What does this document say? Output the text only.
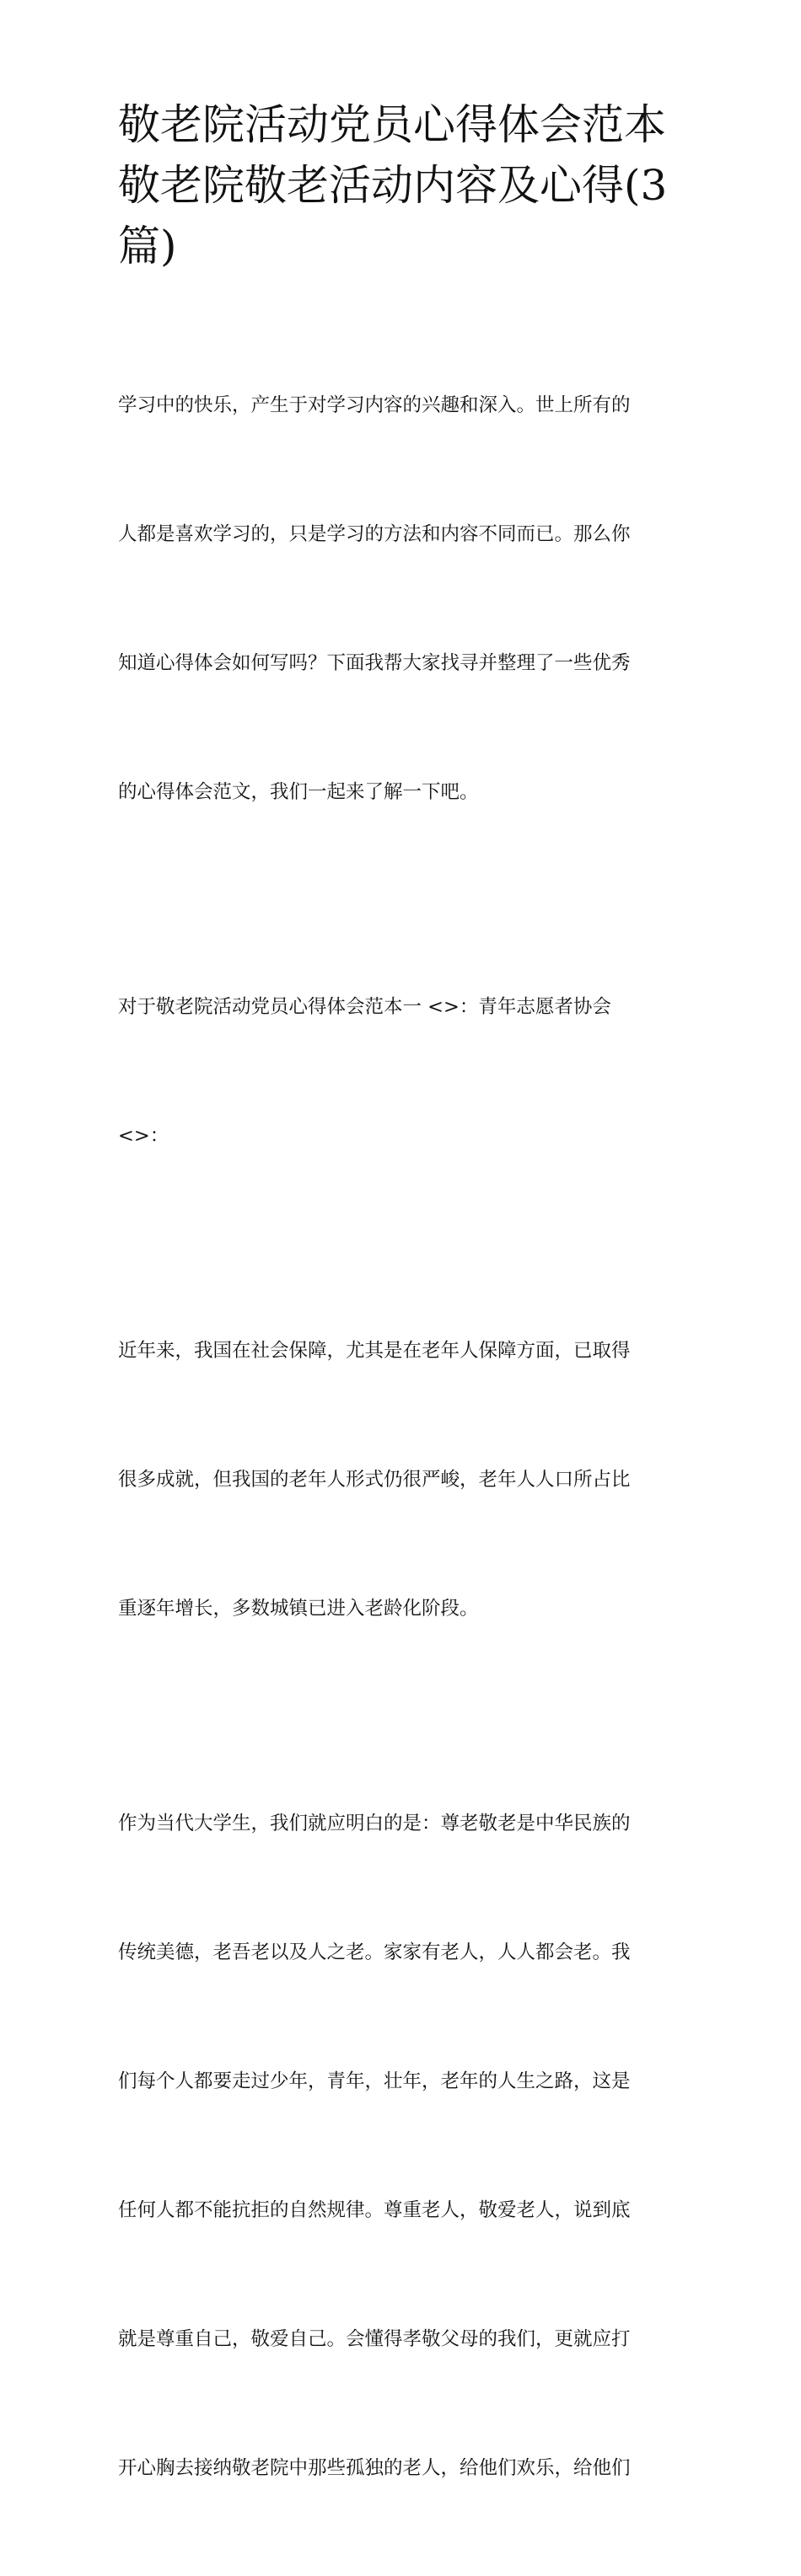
敬老院活动党员心得体会范本
敬老院敬老活动内容及心得(3
篇)

学习中的快乐，产生于对学习内容的兴趣和深入。世上所有的

人都是喜欢学习的，只是学习的方法和内容不同而已。那么你

知道心得体会如何写吗？下面我帮大家找寻并整理了一些优秀

的心得体会范文，我们一起来了解一下吧。

对于敬老院活动党员心得体会范本一 <>：青年志愿者协会

<>：

近年来，我国在社会保障，尤其是在老年人保障方面，已取得

很多成就，但我国的老年人形式仍很严峻，老年人人口所占比

重逐年增长，多数城镇已进入老龄化阶段。

作为当代大学生，我们就应明白的是：尊老敬老是中华民族的

传统美德，老吾老以及人之老。家家有老人，人人都会老。我

们每个人都要走过少年，青年，壮年，老年的人生之路，这是

任何人都不能抗拒的自然规律。尊重老人，敬爱老人，说到底

就是尊重自己，敬爱自己。会懂得孝敬父母的我们，更就应打

开心胸去接纳敬老院中那些孤独的老人，给他们欢乐，给他们
